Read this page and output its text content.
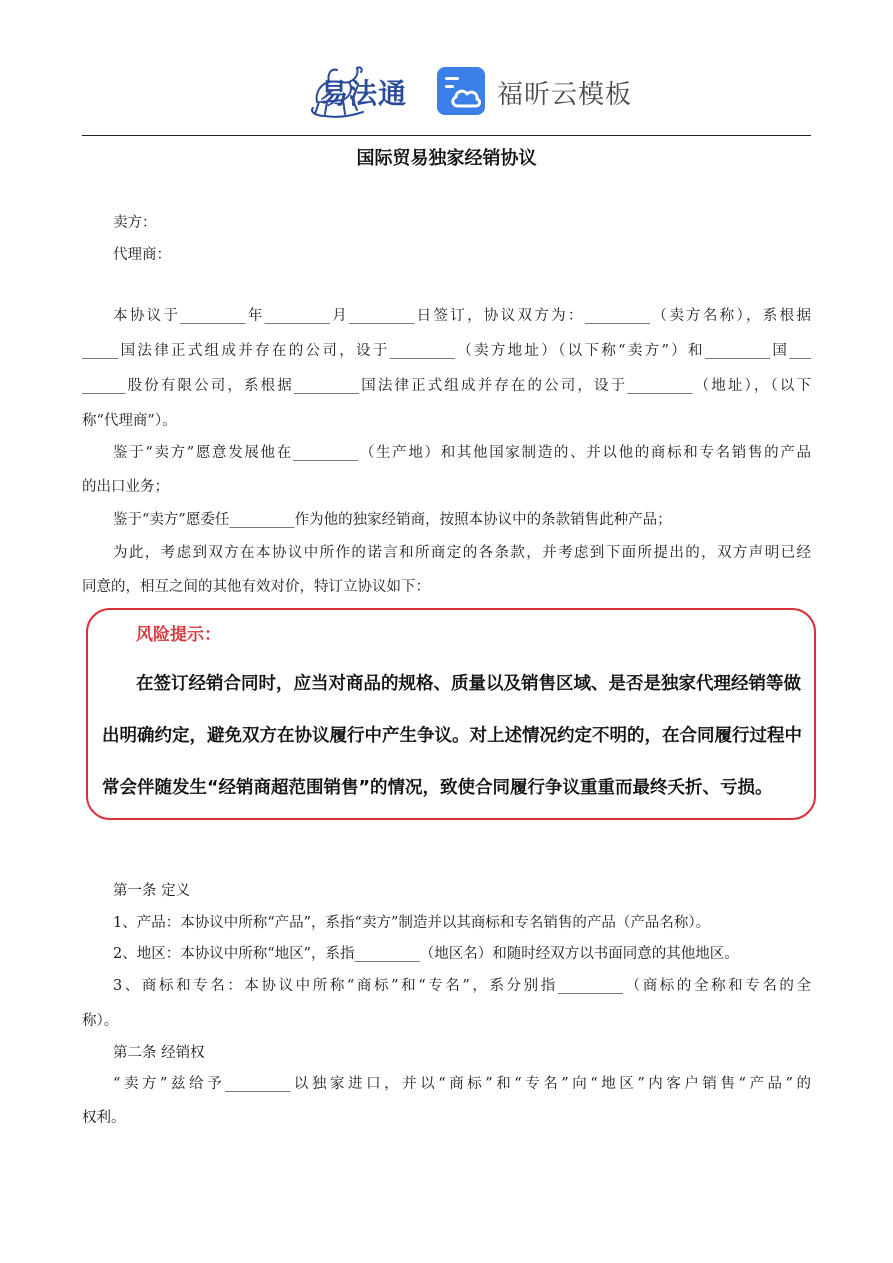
易法通	福昕云模板
国际贸易独家经销协议
卖方：
代理商：
本协议于_________年_________月_________日签订，协议双方为：_________（卖方名称），系根据
_____国法律正式组成并存在的公司，设于_________（卖方地址）（以下称“卖方”）和_________国___
______股份有限公司，系根据_________国法律正式组成并存在的公司，设于_________（地址），（以下
称“代理商”）。
鉴于“卖方”愿意发展他在_________（生产地）和其他国家制造的、并以他的商标和专名销售的产品
的出口业务；
鉴于“卖方”愿委任_________作为他的独家经销商，按照本协议中的条款销售此种产品；
为此，考虑到双方在本协议中所作的诺言和所商定的各条款，并考虑到下面所提出的，双方声明已经
同意的，相互之间的其他有效对价，特订立协议如下：
风险提示：
在签订经销合同时，应当对商品的规格、质量以及销售区域、是否是独家代理经销等做
出明确约定，避免双方在协议履行中产生争议。对上述情况约定不明的，在合同履行过程中
常会伴随发生“经销商超范围销售”的情况，致使合同履行争议重重而最终夭折、亏损。
第一条 定义
1、产品：本协议中所称“产品”，系指“卖方”制造并以其商标和专名销售的产品（产品名称）。
2、地区：本协议中所称“地区”，系指_________（地区名）和随时经双方以书面同意的其他地区。
3、商标和专名：本协议中所称“商标”和“专名”，系分别指_________（商标的全称和专名的全
称）。
第二条 经销权
“卖方”兹给予_________以独家进口，并以“商标”和“专名”向“地区”内客户销售“产品”的
权利。
